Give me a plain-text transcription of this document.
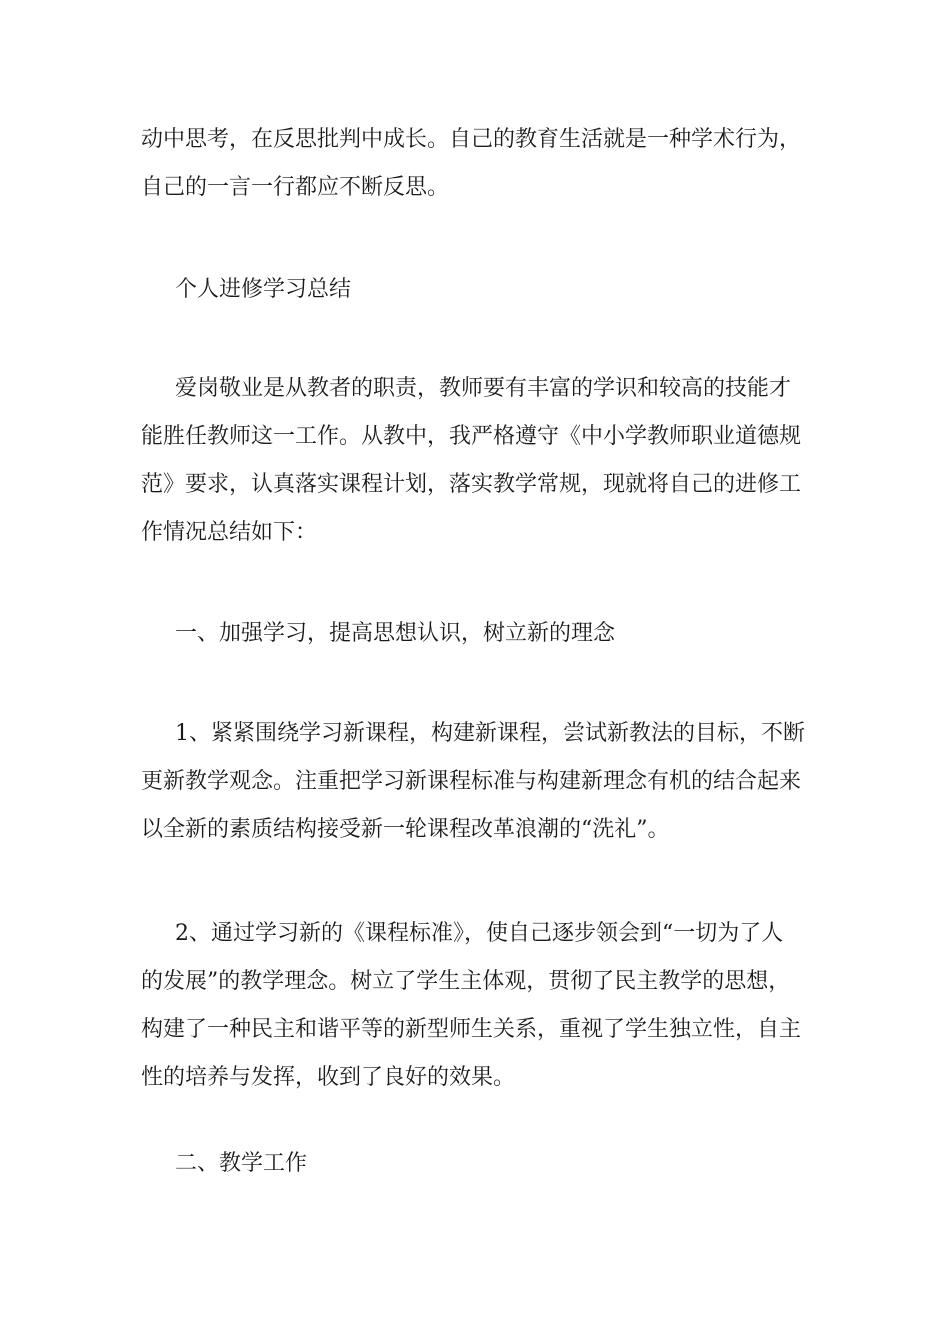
动中思考，在反思批判中成长。自己的教育生活就是一种学术行为，
自己的一言一行都应不断反思。
个人进修学习总结
爱岗敬业是从教者的职责，教师要有丰富的学识和较高的技能才
能胜任教师这一工作。从教中，我严格遵守《中小学教师职业道德规
范》要求，认真落实课程计划，落实教学常规，现就将自己的进修工
作情况总结如下：
一、加强学习，提高思想认识，树立新的理念
1、紧紧围绕学习新课程，构建新课程，尝试新教法的目标，不断
更新教学观念。注重把学习新课程标准与构建新理念有机的结合起来
以全新的素质结构接受新一轮课程改革浪潮的“洗礼”。
2、通过学习新的《课程标准》，使自己逐步领会到“一切为了人
的发展”的教学理念。树立了学生主体观，贯彻了民主教学的思想，
构建了一种民主和谐平等的新型师生关系，重视了学生独立性，自主
性的培养与发挥，收到了良好的效果。
二、教学工作
